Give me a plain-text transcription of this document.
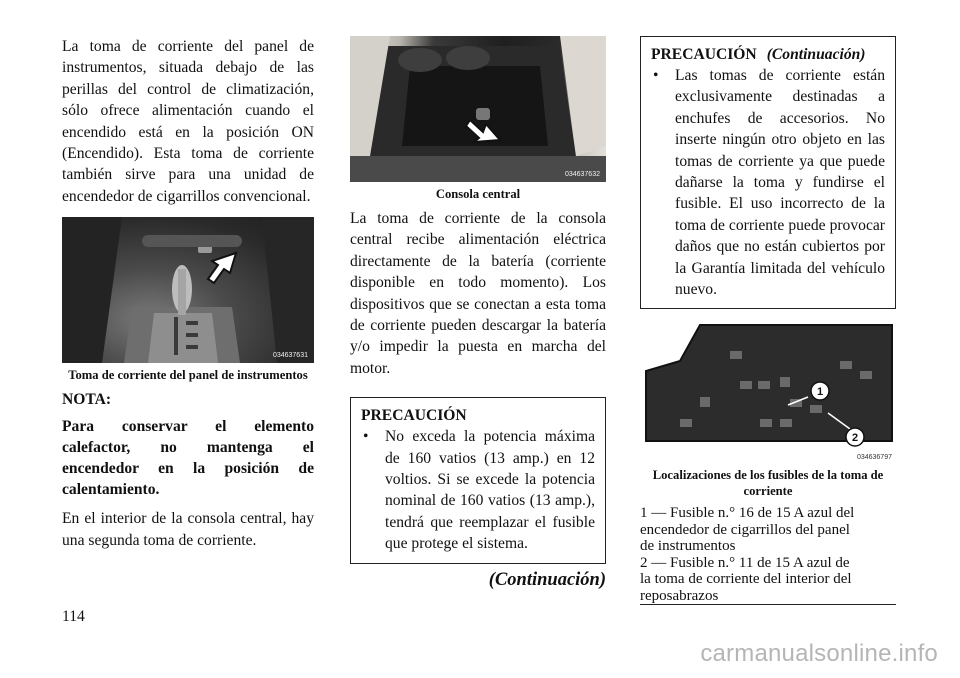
La toma de corriente del panel de instrumentos, situada debajo de las perillas del control de climatización, sólo ofrece alimentación cuando el encendido está en la posición ON (Encendido). Esta toma de corriente también sirve para una unidad de encendedor de cigarrillos convencional.

034637631
Toma de corriente del panel de instrumentos
NOTA:

Para conservar el elemento calefactor, no mantenga el encendedor en la posición de calentamiento.

En el interior de la consola central, hay una segunda toma de corriente.

034637632
Consola central

La toma de corriente de la consola central recibe alimentación eléctrica directamente de la batería (corriente disponible en todo momento). Los dispositivos que se conectan a esta toma de corriente pueden descargar la batería y/o impedir la puesta en marcha del motor.

PRECAUCIÓN
• No exceda la potencia máxima de 160 vatios (13 amp.) en 12 voltios. Si se excede la potencia nominal de 160 vatios (13 amp.), tendrá que reemplazar el fusible que protege el sistema.
(Continuación)
PRECAUCIÓN (Continuación)
• Las tomas de corriente están exclusivamente destinadas a enchufes de accesorios. No inserte ningún otro objeto en las tomas de corriente ya que puede dañarse la toma y fundirse el fusible. El uso incorrecto de la toma de corriente puede provocar daños que no están cubiertos por la Garantía limitada del vehículo nuevo.
1
2
034636797
Localizaciones de los fusibles de la toma de corriente

1 — Fusible n.° 16 de 15 A azul del

encendedor de cigarrillos del panel

de instrumentos

2 — Fusible n.° 11 de 15 A azul de

la toma de corriente del interior del

reposabrazos

114
carmanualsonline.info
